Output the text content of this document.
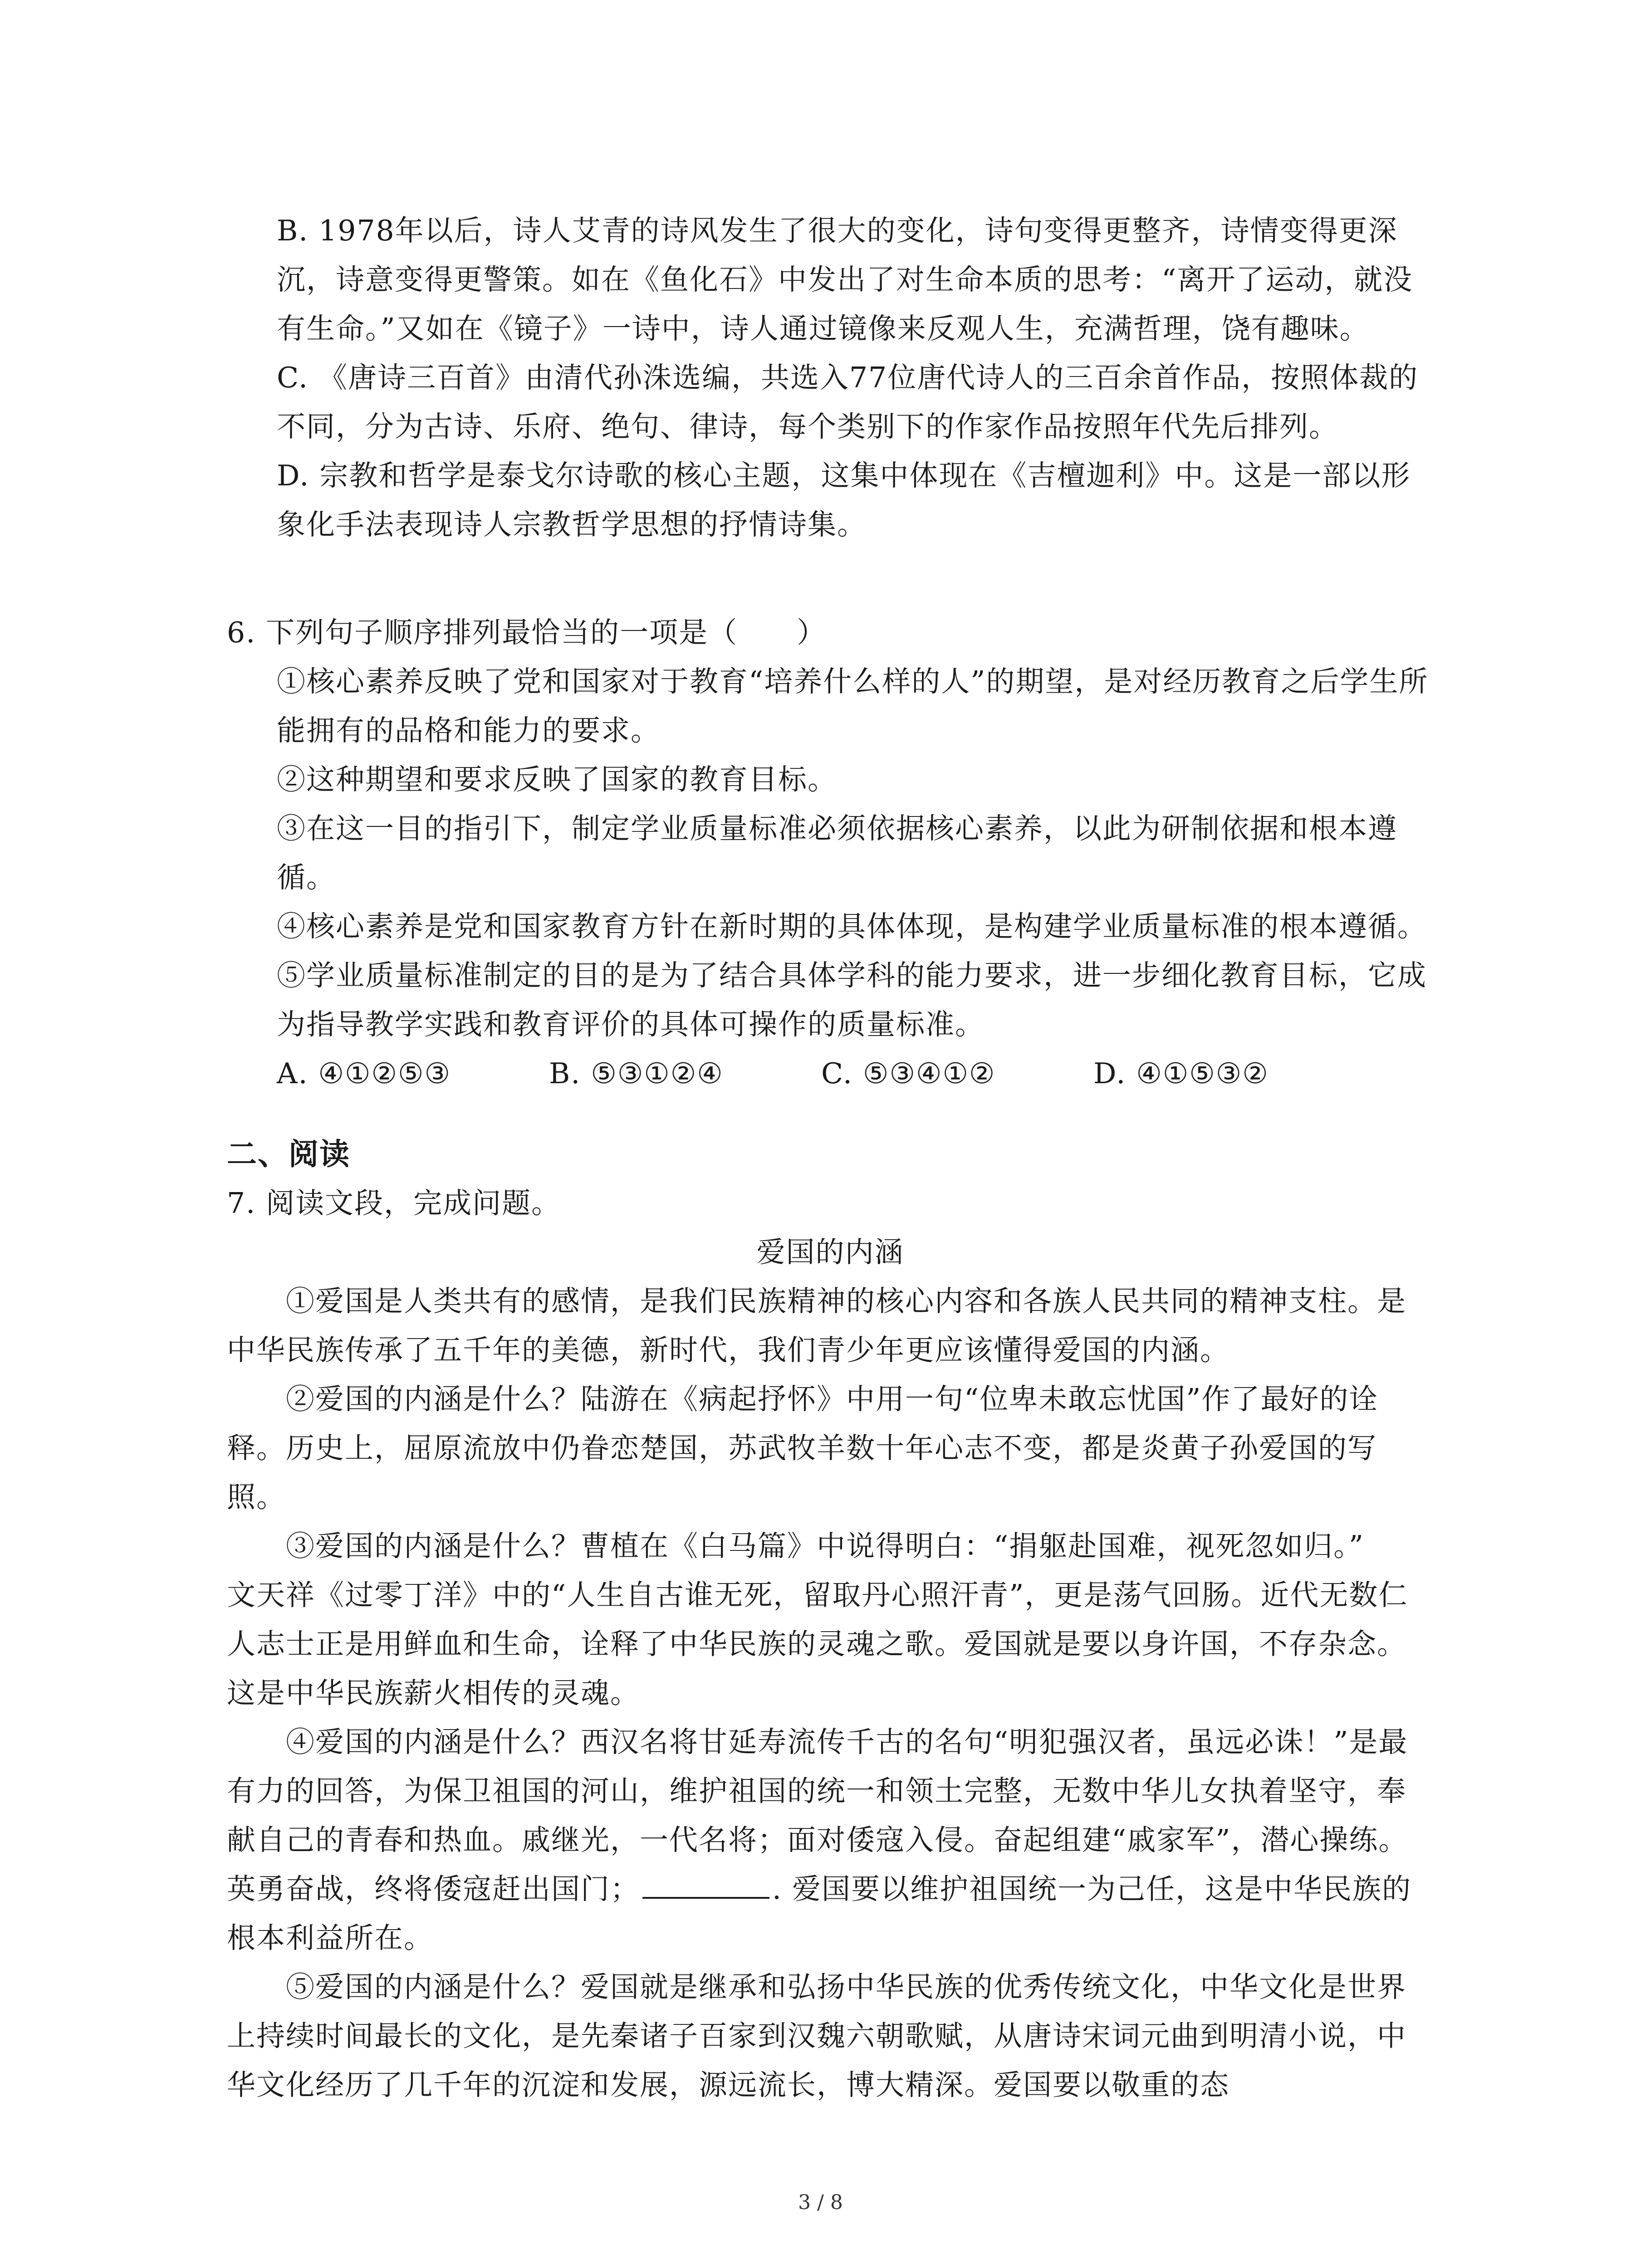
B. 1978年以后，诗人艾青的诗风发生了很大的变化，诗句变得更整齐，诗情变得更深沉，诗意变得更警策。如在《鱼化石》中发出了对生命本质的思考：“离开了运动，就没有生命。”又如在《镜子》一诗中，诗人通过镜像来反观人生，充满哲理，饶有趣味。

C. 《唐诗三百首》由清代孙洙选编，共选入77位唐代诗人的三百余首作品，按照体裁的不同，分为古诗、乐府、绝句、律诗，每个类别下的作家作品按照年代先后排列。

D. 宗教和哲学是泰戈尔诗歌的核心主题，这集中体现在《吉檀迦利》中。这是一部以形象化手法表现诗人宗教哲学思想的抒情诗集。

6. 下列句子顺序排列最恰当的一项是（　　）

①核心素养反映了党和国家对于教育“培养什么样的人”的期望，是对经历教育之后学生所能拥有的品格和能力的要求。

②这种期望和要求反映了国家的教育目标。

③在这一目的指引下，制定学业质量标准必须依据核心素养，以此为研制依据和根本遵循。

④核心素养是党和国家教育方针在新时期的具体体现，是构建学业质量标准的根本遵循。

⑤学业质量标准制定的目的是为了结合具体学科的能力要求，进一步细化教育目标，它成为指导教学实践和教育评价的具体可操作的质量标准。

A. ④①②⑤③	B. ⑤③①②④	C. ⑤③④①②	D. ④①⑤③②

二、阅读

7. 阅读文段，完成问题。

爱国的内涵

①爱国是人类共有的感情，是我们民族精神的核心内容和各族人民共同的精神支柱。是中华民族传承了五千年的美德，新时代，我们青少年更应该懂得爱国的内涵。

②爱国的内涵是什么？陆游在《病起抒怀》中用一句“位卑未敢忘忧国”作了最好的诠释。历史上，屈原流放中仍眷恋楚国，苏武牧羊数十年心志不变，都是炎黄子孙爱国的写照。

③爱国的内涵是什么？曹植在《白马篇》中说得明白：“捐躯赴国难，视死忽如归。”

文天祥《过零丁洋》中的“人生自古谁无死，留取丹心照汗青”，更是荡气回肠。近代无数仁人志士正是用鲜血和生命，诠释了中华民族的灵魂之歌。爱国就是要以身许国，不存杂念。这是中华民族薪火相传的灵魂。

④爱国的内涵是什么？西汉名将甘延寿流传千古的名句“明犯强汉者，虽远必诛！”是最有力的回答，为保卫祖国的河山，维护祖国的统一和领土完整，无数中华儿女执着坚守，奉献自己的青春和热血。戚继光，一代名将；面对倭寇入侵。奋起组建“戚家军”，潜心操练。英勇奋战，终将倭寇赶出国门；	. 爱国要以维护祖国统一为己任，这是中华民族的根本利益所在。

⑤爱国的内涵是什么？爱国就是继承和弘扬中华民族的优秀传统文化，中华文化是世界上持续时间最长的文化，是先秦诸子百家到汉魏六朝歌赋，从唐诗宋词元曲到明清小说，中华文化经历了几千年的沉淀和发展，源远流长，博大精深。爱国要以敬重的态

3 / 8
